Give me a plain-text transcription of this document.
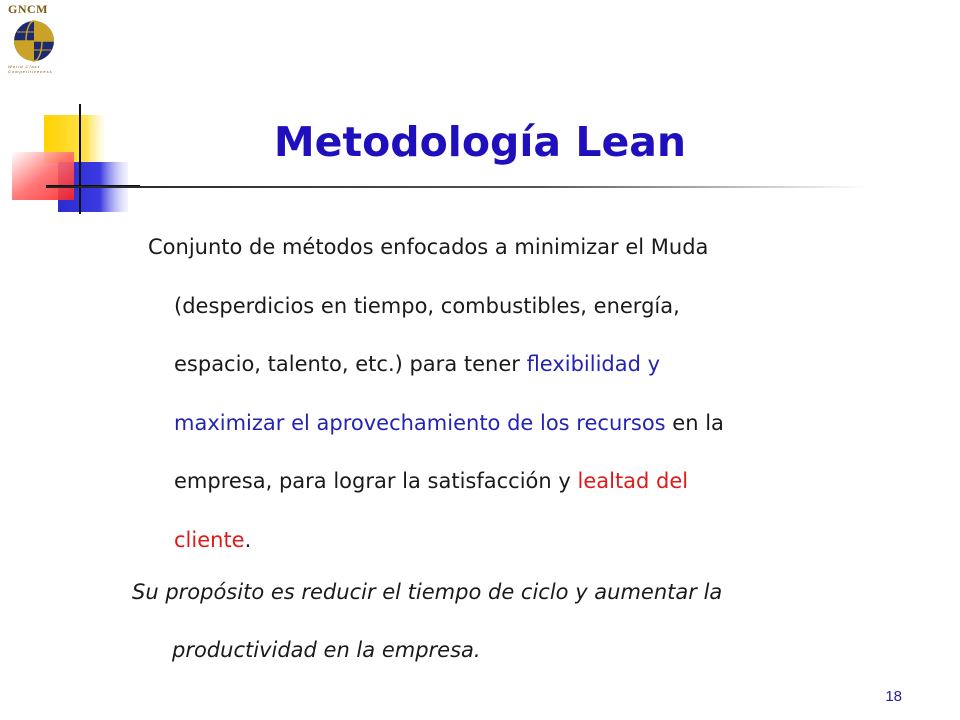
GNCM
World Class Competitiveness
Metodología Lean
Conjunto de métodos enfocados a minimizar el Muda
(desperdicios en tiempo, combustibles, energía,
espacio, talento, etc.) para tener flexibilidad y
maximizar el aprovechamiento de los recursos en la
empresa, para lograr la satisfacción y lealtad del
cliente.
Su propósito es reducir el tiempo de ciclo y aumentar la
productividad en la empresa.
18
